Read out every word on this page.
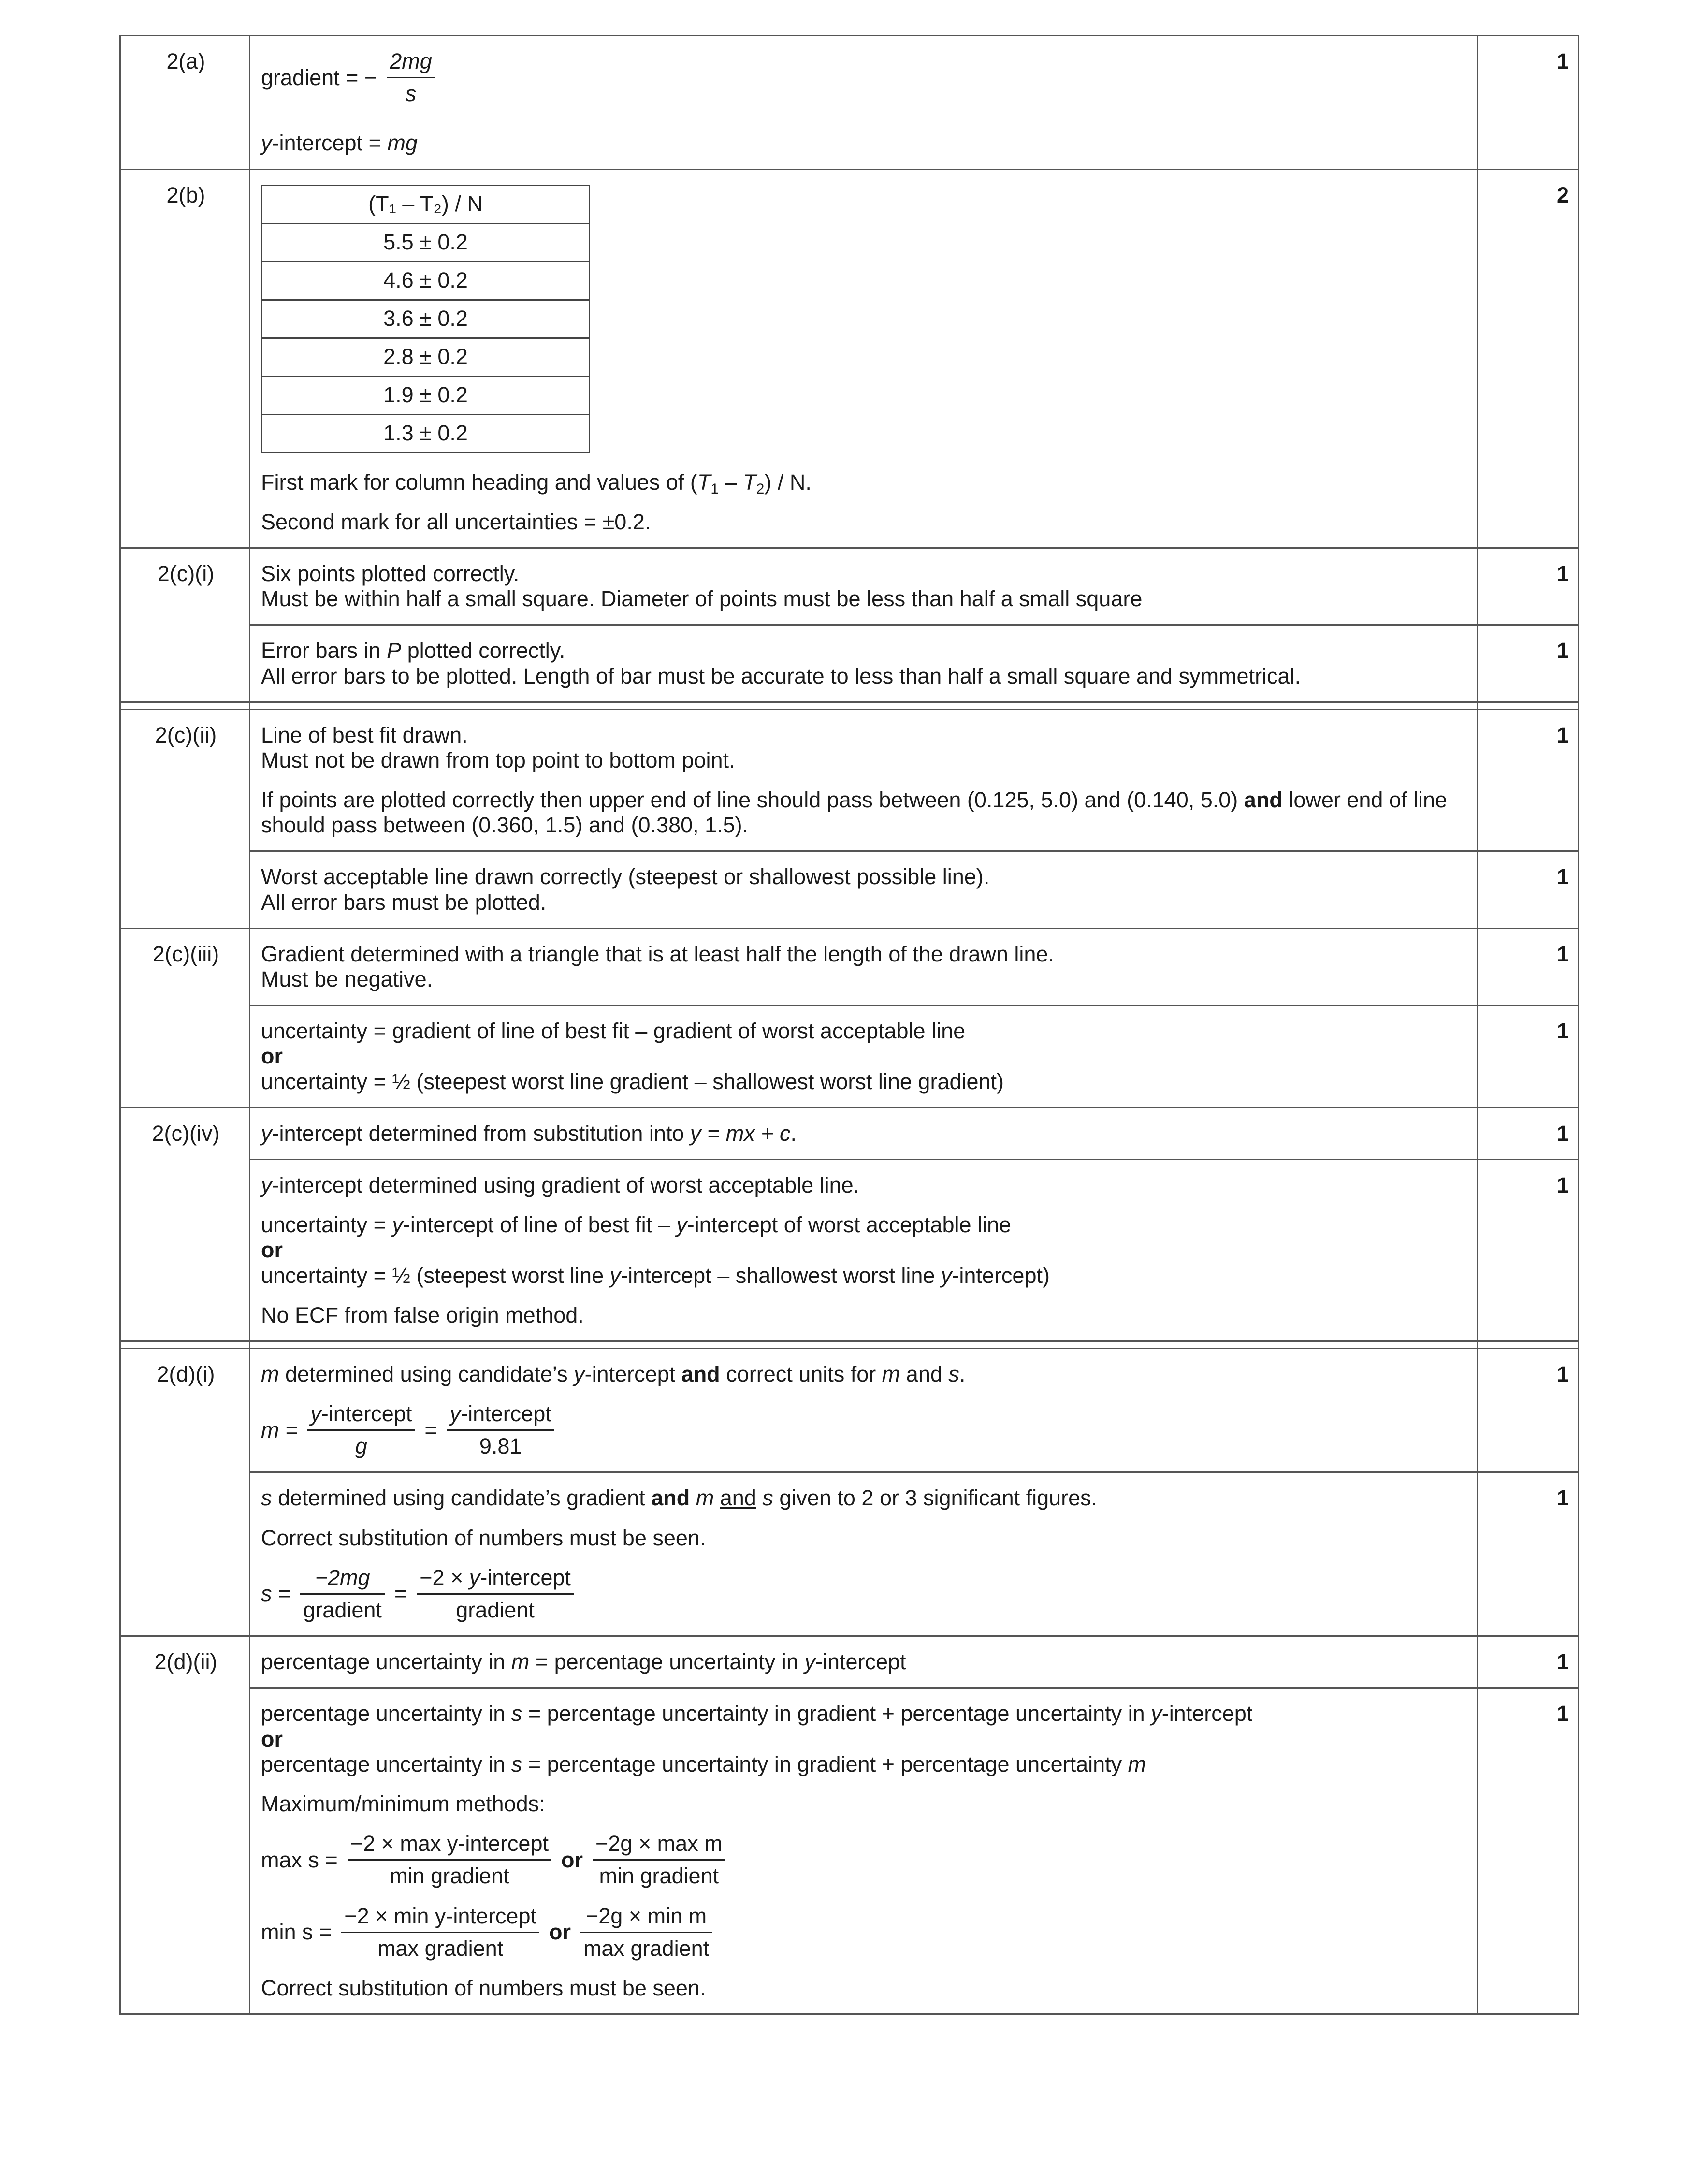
2(a)	
gradient = − $\frac{2mg}{s}$
y-intercept = mg
	1
2(b)		(T₁ – T₂) / N
5.5 ± 0.2
4.6 ± 0.2
3.6 ± 0.2
2.8 ± 0.2
1.9 ± 0.2
1.3 ± 0.2
First mark for column heading and values of $(T_1 - T_2)$ / N.
Second mark for all uncertainties = ±0.2.
	2
2(c)(i)	Six points plotted correctly.
Must be within half a small square. Diameter of points must be less than half a small square
	1

Error bars in P plotted correctly.
All error bars to be plotted. Length of bar must be accurate to less than half a small square and symmetrical.
	1

2(c)(ii)	Line of best fit drawn.
Must not be drawn from top point to bottom point.
If points are plotted correctly then upper end of line should pass between (0.125, 5.0) and (0.140, 5.0) and lower end of line should pass between (0.360, 1.5) and (0.380, 1.5).
	1

Worst acceptable line drawn correctly (steepest or shallowest possible line).
All error bars must be plotted.
	1
2(c)(iii)	Gradient determined with a triangle that is at least half the length of the drawn line.
Must be negative.
	1

uncertainty = gradient of line of best fit – gradient of worst acceptable line
or
uncertainty = ½ (steepest worst line gradient – shallowest worst line gradient)
	1
2(c)(iv)	y-intercept determined from substitution into y = mx + c.	1

y-intercept determined using gradient of worst acceptable line.
uncertainty = y-intercept of line of best fit – y-intercept of worst acceptable line
or
uncertainty = ½ (steepest worst line y-intercept – shallowest worst line y-intercept)
No ECF from false origin method.
	1

2(d)(i)	m determined using candidate’s y-intercept and correct units for m and s.
$m = \frac{\text{y-intercept}}{g} = \frac{\text{y-intercept}}{9.81}$
	1

s determined using candidate’s gradient and m and s given to 2 or 3 significant figures.
Correct substitution of numbers must be seen.
$s = \frac{-2mg}{\text{gradient}} = \frac{\text{−2 × y-intercept}}{\text{gradient}}$
	1
2(d)(ii)	percentage uncertainty in m = percentage uncertainty in y-intercept	1

percentage uncertainty in s = percentage uncertainty in gradient + percentage uncertainty in y-intercept
or
percentage uncertainty in s = percentage uncertainty in gradient + percentage uncertainty m
Maximum/minimum methods:
$\max s = \frac{\text{−2 × max y-intercept}}{\text{min gradient}}$ or $\frac{\text{−2g × max m}}{\text{min gradient}}$
$\min s = \frac{\text{−2 × min y-intercept}}{\text{max gradient}}$ or $\frac{\text{−2g × min m}}{\text{max gradient}}$
Correct substitution of numbers must be seen.
	1
